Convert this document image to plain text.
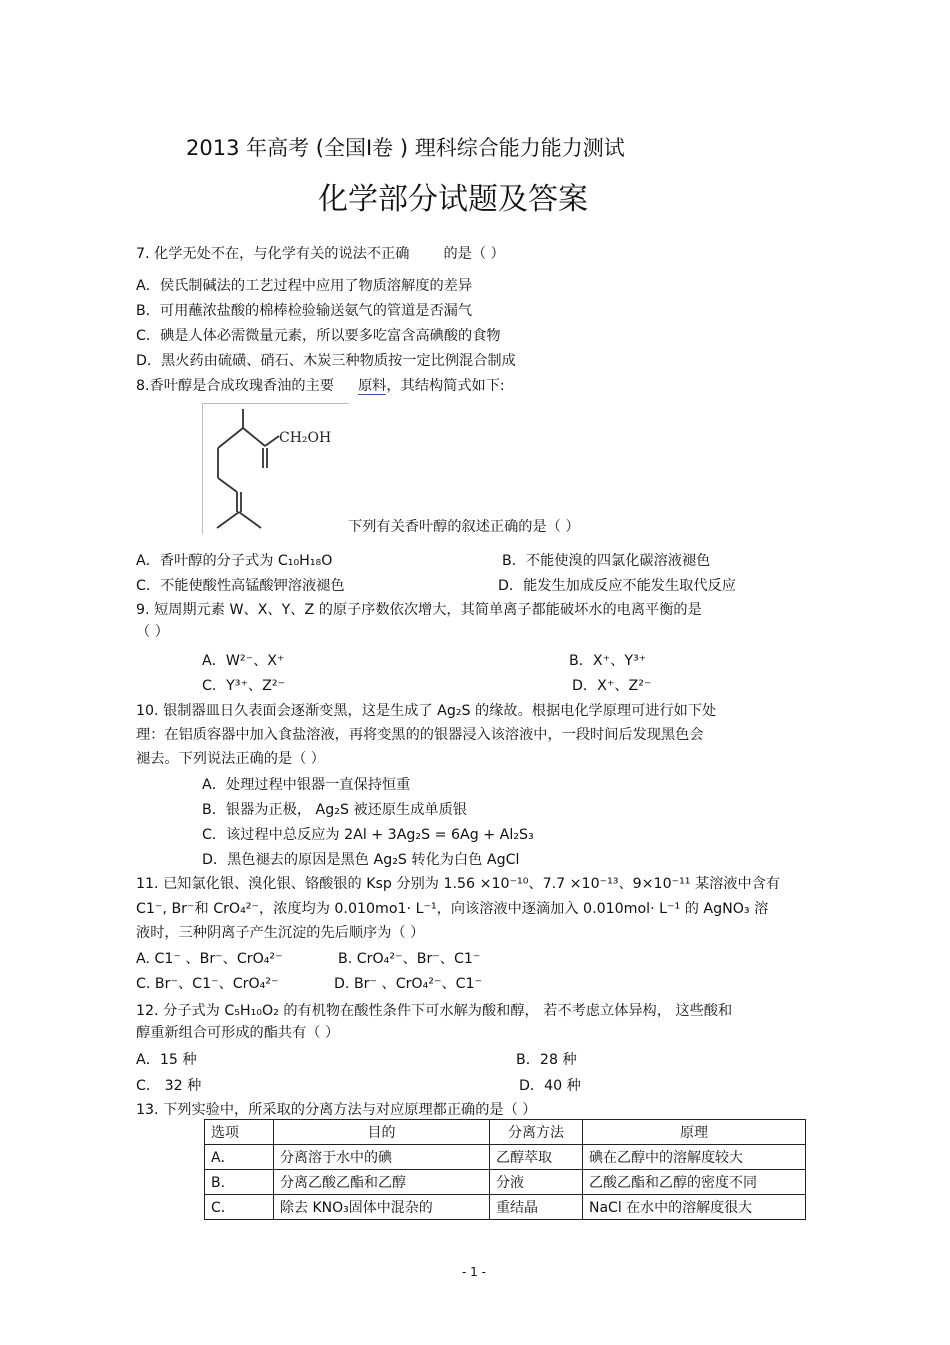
2013 年高考 (全国Ⅰ卷 ) 理科综合能力能力测试
化学部分试题及答案
7. 化学无处不在，与化学有关的说法不正确 的是（ ）
A．侯氏制碱法的工艺过程中应用了物质溶解度的差异
B．可用蘸浓盐酸的棉棒检验输送氨气的管道是否漏气
C．碘是人体必需微量元素，所以要多吃富含高碘酸的食物
D．黑火药由硫磺、硝石、木炭三种物质按一定比例混合制成
8.香叶醇是合成玫瑰香油的主要 原料，其结构简式如下:
CH₂OH
下列有关香叶醇的叙述正确的是（ ）
A．香叶醇的分子式为 C₁₀H₁₈O	B．不能使溴的四氯化碳溶液褪色
C．不能使酸性高锰酸钾溶液褪色	D．能发生加成反应不能发生取代反应
9. 短周期元素 W、X、Y、Z 的原子序数依次增大，其简单离子都能破坏水的电离平衡的是
（ ）
A．W²⁻、X⁺	B．X⁺、Y³⁺
C．Y³⁺、Z²⁻	D．X⁺、Z²⁻
10. 银制器皿日久表面会逐渐变黑，这是生成了 Ag₂S 的缘故。根据电化学原理可进行如下处
理：在铝质容器中加入食盐溶液，再将变黑的的银器浸入该溶液中，一段时间后发现黑色会
褪去。下列说法正确的是（ ）
A．处理过程中银器一直保持恒重
B．银器为正极， Ag₂S 被还原生成单质银
C．该过程中总反应为 2Al + 3Ag₂S = 6Ag + Al₂S₃
D．黑色褪去的原因是黑色 Ag₂S 转化为白色 AgCl
11. 已知氯化银、溴化银、铬酸银的 Ksp 分别为 1.56 ×10⁻¹⁰、7.7 ×10⁻¹³、9×10⁻¹¹ 某溶液中含有
C1⁻, Br⁻和 CrO₄²⁻，浓度均为 0.010mo1· L⁻¹，向该溶液中逐滴加入 0.010mol· L⁻¹ 的 AgNO₃ 溶
液时，三种阴离子产生沉淀的先后顺序为（ ）
A. C1⁻ 、Br⁻、CrO₄²⁻	B. CrO₄²⁻、Br⁻、C1⁻
C. Br⁻、C1⁻、CrO₄²⁻	D. Br⁻ 、CrO₄²⁻、C1⁻
12. 分子式为 C₅H₁₀O₂ 的有机物在酸性条件下可水解为酸和醇， 若不考虑立体异构， 这些酸和
醇重新组合可形成的酯共有（ ）
A．15 种	B．28 种
C． 32 种	D．40 种
13. 下列实验中，所采取的分离方法与对应原理都正确的是（ ）
选项	目的	分离方法	原理
A．	分离溶于水中的碘	乙醇萃取	碘在乙醇中的溶解度较大
B．	分离乙酸乙酯和乙醇	分液	乙酸乙酯和乙醇的密度不同
C．	除去 KNO₃固体中混杂的	重结晶	NaCl 在水中的溶解度很大
- 1 -
